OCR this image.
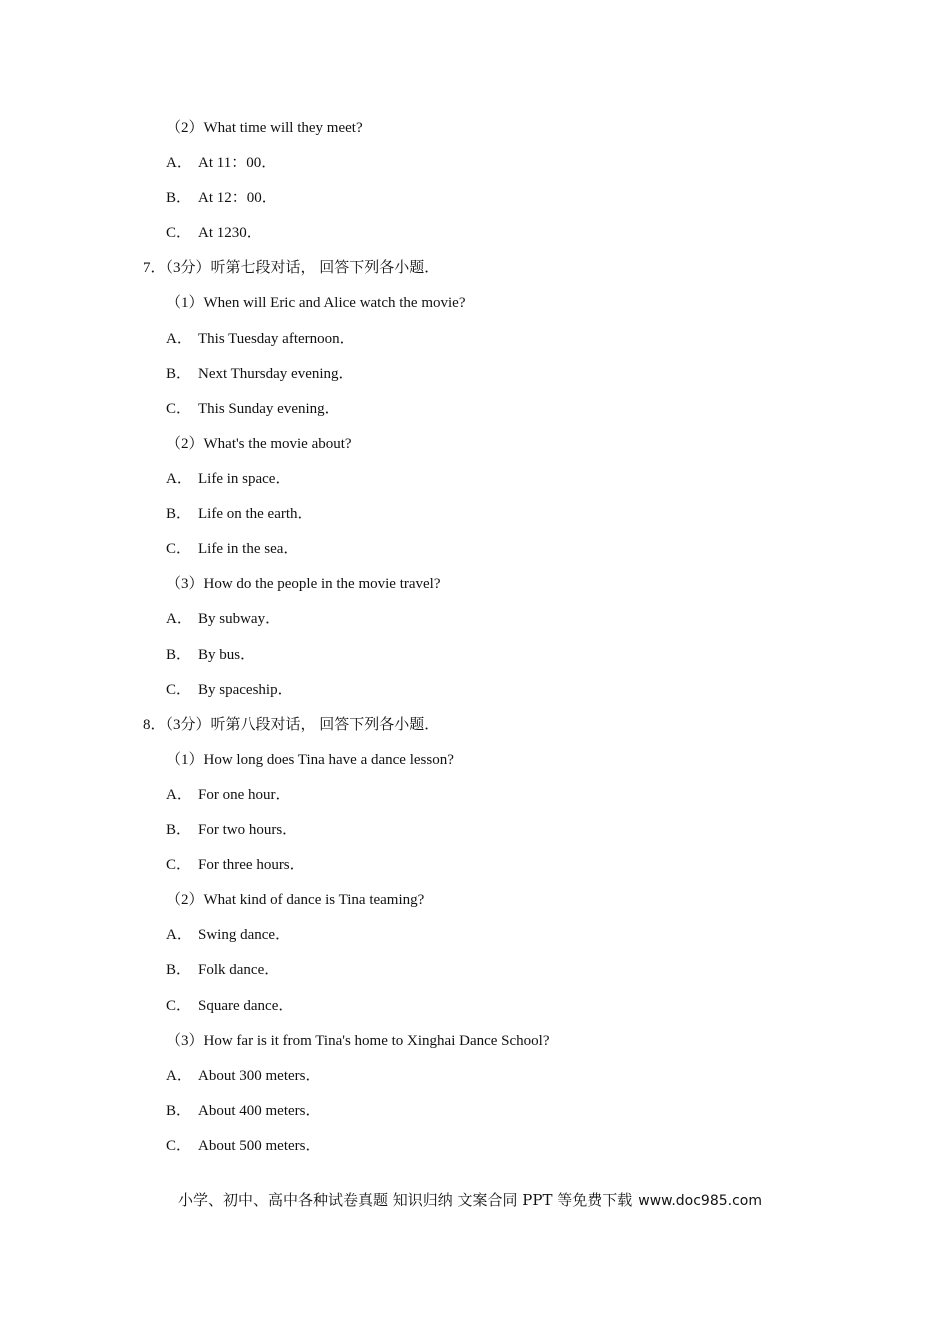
（2）What time will they meet?
A． At 11：00．
B． At 12：00．
C． At 1230．
7．（3分）听第七段对话， 回答下列各小题．
（1）When will Eric and Alice watch the movie?
A． This Tuesday afternoon．
B． Next Thursday evening．
C． This Sunday evening．
（2）What's the movie about?
A． Life in space．
B． Life on the earth．
C． Life in the sea．
（3）How do the people in the movie travel?
A． By subway．
B． By bus．
C． By spaceship．
8．（3分）听第八段对话， 回答下列各小题．
（1）How long does Tina have a dance lesson?
A． For one hour．
B． For two hours．
C． For three hours．
（2）What kind of dance is Tina teaming?
A． Swing dance．
B． Folk dance．
C． Square dance．
（3）How far is it from Tina's home to Xinghai Dance School?
A． About 300 meters．
B． About 400 meters．
C． About 500 meters．
小学、初中、高中各种试卷真题 知识归纳 文案合同 PPT 等免费下载 www.doc985.com
